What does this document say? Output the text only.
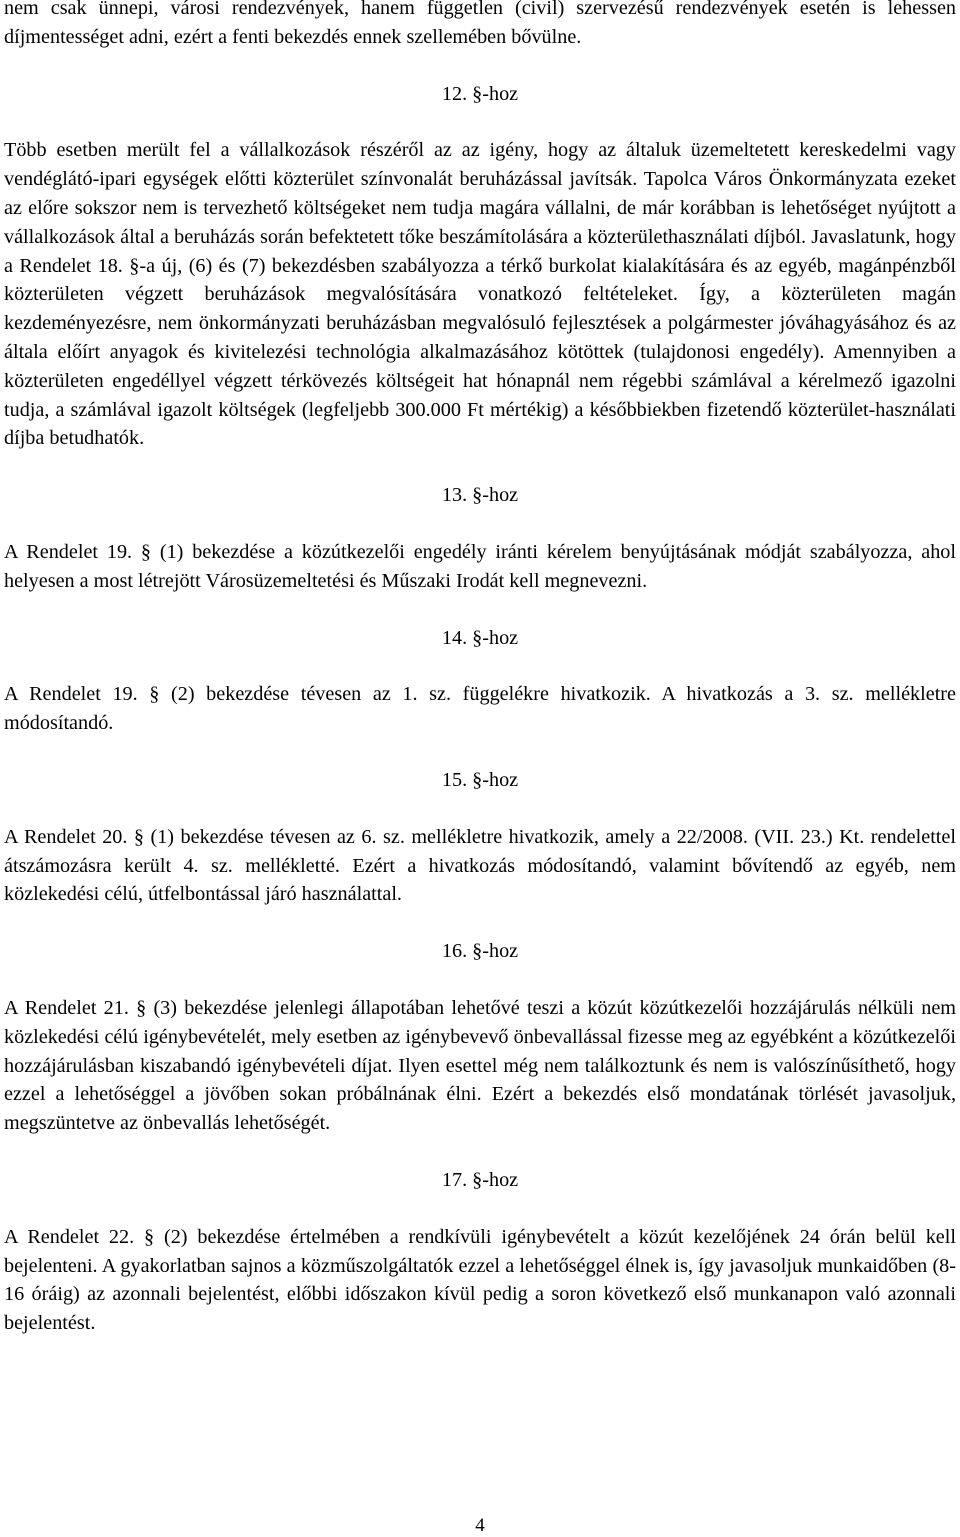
nem csak ünnepi, városi rendezvények, hanem független (civil) szervezésű rendezvények esetén is lehessen díjmentességet adni, ezért a fenti bekezdés ennek szellemében bővülne.

12. §-hoz

Több esetben merült fel a vállalkozások részéről az az igény, hogy az általuk üzemeltetett kereskedelmi vagy vendéglátó-ipari egységek előtti közterület színvonalát beruházással javítsák. Tapolca Város Önkormányzata ezeket az előre sokszor nem is tervezhető költségeket nem tudja magára vállalni, de már korábban is lehetőséget nyújtott a vállalkozások által a beruházás során befektetett tőke beszámítolására a közterülethasználati díjból. Javaslatunk, hogy a Rendelet 18. §-a új, (6) és (7) bekezdésben szabályozza a térkő burkolat kialakítására és az egyéb, magánpénzből közterületen végzett beruházások megvalósítására vonatkozó feltételeket. Így, a közterületen magán kezdeményezésre, nem önkormányzati beruházásban megvalósuló fejlesztések a polgármester jóváhagyásához és az általa előírt anyagok és kivitelezési technológia alkalmazásához kötöttek (tulajdonosi engedély). Amennyiben a közterületen engedéllyel végzett térkövezés költségeit hat hónapnál nem régebbi számlával a kérelmező igazolni tudja, a számlával igazolt költségek (legfeljebb 300.000 Ft mértékig) a későbbiekben fizetendő közterület-használati díjba betudhatók.

13. §-hoz

A Rendelet 19. § (1) bekezdése a közútkezelői engedély iránti kérelem benyújtásának módját szabályozza, ahol helyesen a most létrejött Városüzemeltetési és Műszaki Irodát kell megnevezni.

14. §-hoz

A Rendelet 19. § (2) bekezdése tévesen az 1. sz. függelékre hivatkozik. A hivatkozás a 3. sz. mellékletre módosítandó.

15. §-hoz

A Rendelet 20. § (1) bekezdése tévesen az 6. sz. mellékletre hivatkozik, amely a 22/2008. (VII. 23.) Kt. rendelettel átszámozásra került 4. sz. mellékletté. Ezért a hivatkozás módosítandó, valamint bővítendő az egyéb, nem közlekedési célú, útfelbontással járó használattal.

16. §-hoz

A Rendelet 21. § (3) bekezdése jelenlegi állapotában lehetővé teszi a közút közútkezelői hozzájárulás nélküli nem közlekedési célú igénybevételét, mely esetben az igénybevevő önbevallással fizesse meg az egyébként a közútkezelői hozzájárulásban kiszabandó igénybevételi díjat. Ilyen esettel még nem találkoztunk és nem is valószínűsíthető, hogy ezzel a lehetőséggel a jövőben sokan próbálnának élni. Ezért a bekezdés első mondatának törlését javasoljuk, megszüntetve az önbevallás lehetőségét.

17. §-hoz

A Rendelet 22. § (2) bekezdése értelmében a rendkívüli igénybevételt a közút kezelőjének 24 órán belül kell bejelenteni. A gyakorlatban sajnos a közműszolgáltatók ezzel a lehetőséggel élnek is, így javasoljuk munkaidőben (8-16 óráig) az azonnali bejelentést, előbbi időszakon kívül pedig a soron következő első munkanapon való azonnali bejelentést.

4
